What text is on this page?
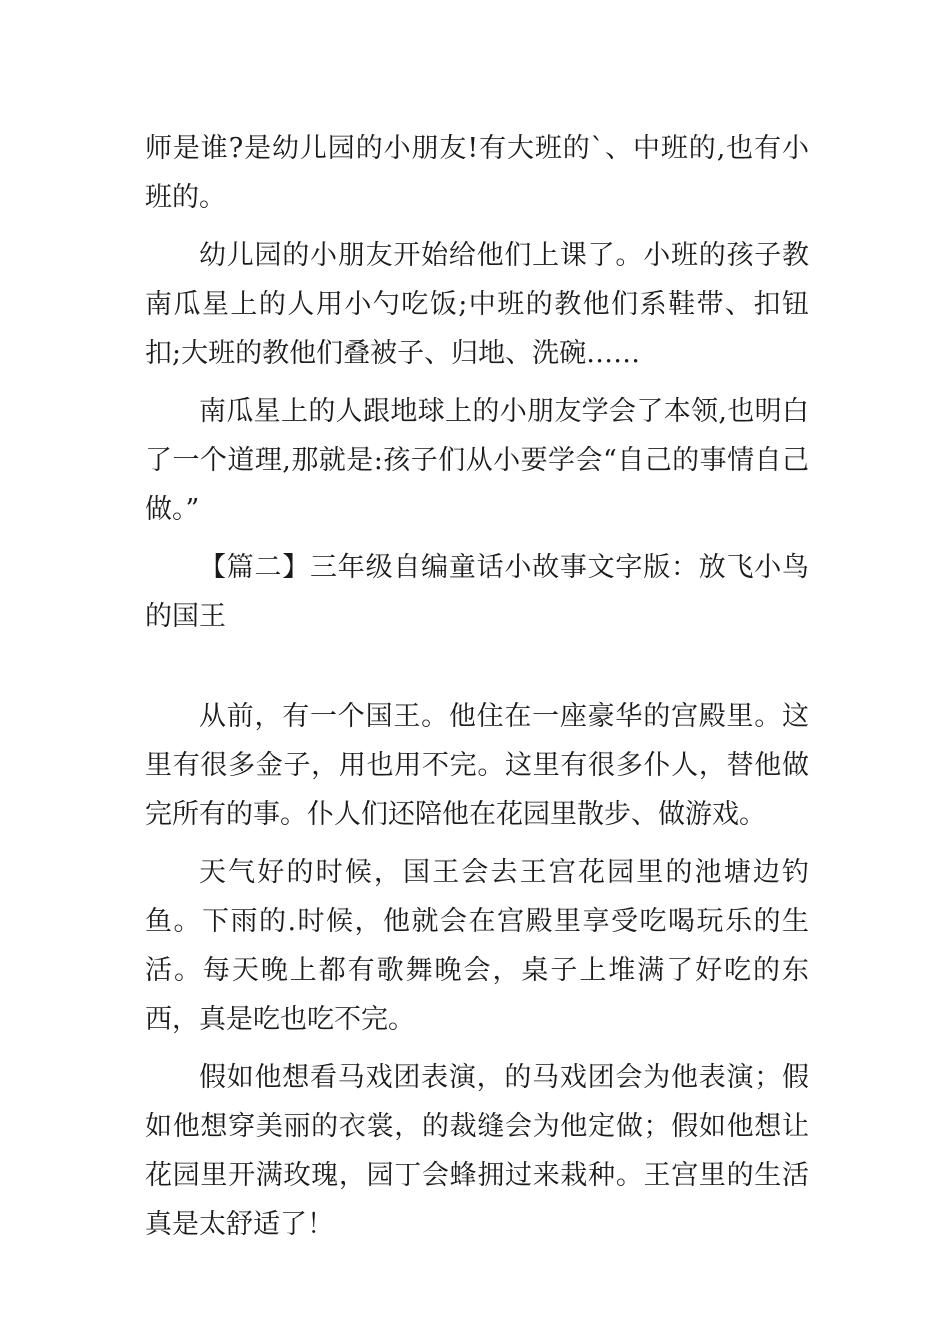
师是谁?是幼儿园的小朋友!有大班的`、中班的,也有小班的。

幼儿园的小朋友开始给他们上课了。小班的孩子教南瓜星上的人用小勺吃饭;中班的教他们系鞋带、扣钮扣;大班的教他们叠被子、归地、洗碗……

南瓜星上的人跟地球上的小朋友学会了本领,也明白了一个道理,那就是:孩子们从小要学会“自己的事情自己做。”

【篇二】三年级自编童话小故事文字版：放飞小鸟的国王

从前，有一个国王。他住在一座豪华的宫殿里。这里有很多金子，用也用不完。这里有很多仆人，替他做完所有的事。仆人们还陪他在花园里散步、做游戏。

天气好的时候，国王会去王宫花园里的池塘边钓鱼。下雨的.时候，他就会在宫殿里享受吃喝玩乐的生活。每天晚上都有歌舞晚会，桌子上堆满了好吃的东西，真是吃也吃不完。

假如他想看马戏团表演，的马戏团会为他表演；假如他想穿美丽的衣裳，的裁缝会为他定做；假如他想让花园里开满玫瑰，园丁会蜂拥过来栽种。王宫里的生活真是太舒适了！
